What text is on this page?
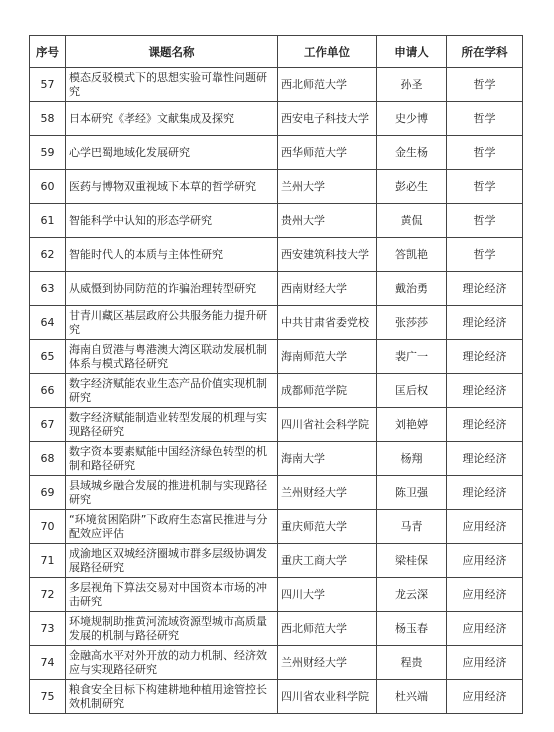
序号	课题名称	工作单位	申请人	所在学科
57	模态反驳模式下的思想实验可靠性问题研究	西北师范大学	孙圣	哲学
58	日本研究《孝经》文献集成及探究	西安电子科技大学	史少博	哲学
59	心学巴蜀地域化发展研究	西华师范大学	金生杨	哲学
60	医药与博物双重视域下本草的哲学研究	兰州大学	彭必生	哲学
61	智能科学中认知的形态学研究	贵州大学	黄侃	哲学
62	智能时代人的本质与主体性研究	西安建筑科技大学	答凯艳	哲学
63	从威慑到协同防范的诈骗治理转型研究	西南财经大学	戴治勇	理论经济
64	甘青川藏区基层政府公共服务能力提升研究	中共甘肃省委党校	张莎莎	理论经济
65	海南自贸港与粤港澳大湾区联动发展机制体系与模式路径研究	海南师范大学	裴广一	理论经济
66	数字经济赋能农业生态产品价值实现机制研究	成都师范学院	匡后权	理论经济
67	数字经济赋能制造业转型发展的机理与实现路径研究	四川省社会科学院	刘艳婷	理论经济
68	数字资本要素赋能中国经济绿色转型的机制和路径研究	海南大学	杨翔	理论经济
69	县域城乡融合发展的推进机制与实现路径研究	兰州财经大学	陈卫强	理论经济
70	“环境贫困陷阱”下政府生态富民推进与分配效应评估	重庆师范大学	马青	应用经济
71	成渝地区双城经济圈城市群多层级协调发展路径研究	重庆工商大学	梁桂保	应用经济
72	多层视角下算法交易对中国资本市场的冲击研究	四川大学	龙云深	应用经济
73	环境规制助推黄河流域资源型城市高质量发展的机制与路径研究	西北师范大学	杨玉春	应用经济
74	金融高水平对外开放的动力机制、经济效应与实现路径研究	兰州财经大学	程贵	应用经济
75	粮食安全目标下构建耕地种植用途管控长效机制研究	四川省农业科学院	杜兴端	应用经济
